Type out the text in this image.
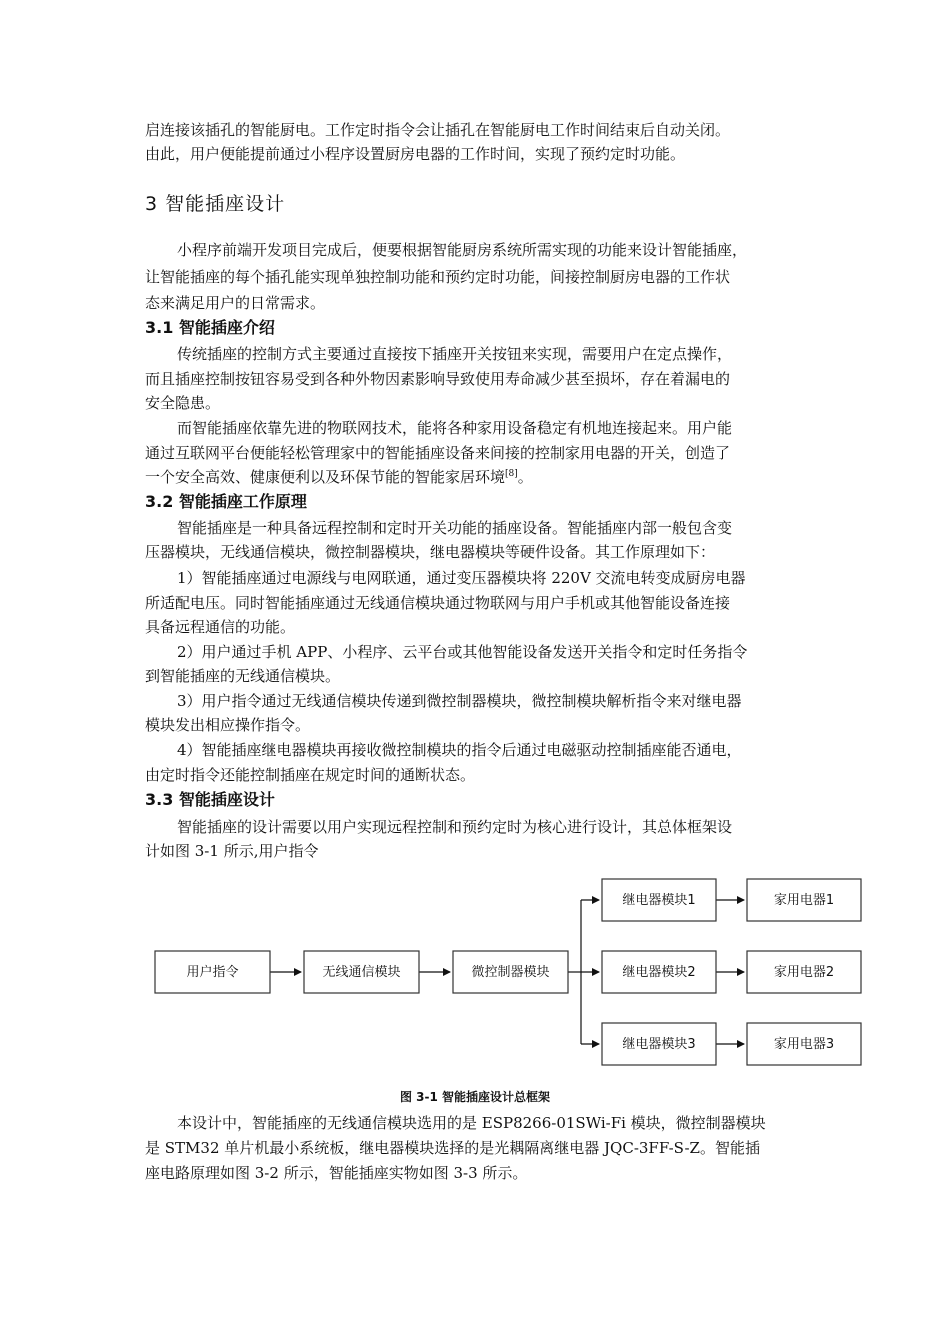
启连接该插孔的智能厨电。工作定时指令会让插孔在智能厨电工作时间结束后自动关闭。
由此，用户便能提前通过小程序设置厨房电器的工作时间，实现了预约定时功能。
3 智能插座设计
小程序前端开发项目完成后，便要根据智能厨房系统所需实现的功能来设计智能插座，
让智能插座的每个插孔能实现单独控制功能和预约定时功能，间接控制厨房电器的工作状
态来满足用户的日常需求。
3.1 智能插座介绍
传统插座的控制方式主要通过直接按下插座开关按钮来实现，需要用户在定点操作，
而且插座控制按钮容易受到各种外物因素影响导致使用寿命减少甚至损坏，存在着漏电的
安全隐患。
而智能插座依靠先进的物联网技术，能将各种家用设备稳定有机地连接起来。用户能
通过互联网平台便能轻松管理家中的智能插座设备来间接的控制家用电器的开关，创造了
一个安全高效、健康便利以及环保节能的智能家居环境[8]。
3.2 智能插座工作原理
智能插座是一种具备远程控制和定时开关功能的插座设备。智能插座内部一般包含变
压器模块，无线通信模块，微控制器模块，继电器模块等硬件设备。其工作原理如下：
1）智能插座通过电源线与电网联通，通过变压器模块将 220V 交流电转变成厨房电器
所适配电压。同时智能插座通过无线通信模块通过物联网与用户手机或其他智能设备连接
具备远程通信的功能。
2）用户通过手机 APP、小程序、云平台或其他智能设备发送开关指令和定时任务指令
到智能插座的无线通信模块。
3）用户指令通过无线通信模块传递到微控制器模块，微控制模块解析指令来对继电器
模块发出相应操作指令。
4）智能插座继电器模块再接收微控制模块的指令后通过电磁驱动控制插座能否通电，
由定时指令还能控制插座在规定时间的通断状态。
3.3 智能插座设计
智能插座的设计需要以用户实现远程控制和预约定时为核心进行设计，其总体框架设
计如图 3-1 所示,用户指令
用户指令	无线通信模块	微控制器模块
继电器模块1
继电器模块2
继电器模块3
家用电器1
家用电器2
家用电器3
图 3-1 智能插座设计总框架
本设计中，智能插座的无线通信模块选用的是 ESP8266-01SWi-Fi 模块，微控制器模块
是 STM32 单片机最小系统板，继电器模块选择的是光耦隔离继电器 JQC-3FF-S-Z。智能插
座电路原理如图 3-2 所示，智能插座实物如图 3-3 所示。
